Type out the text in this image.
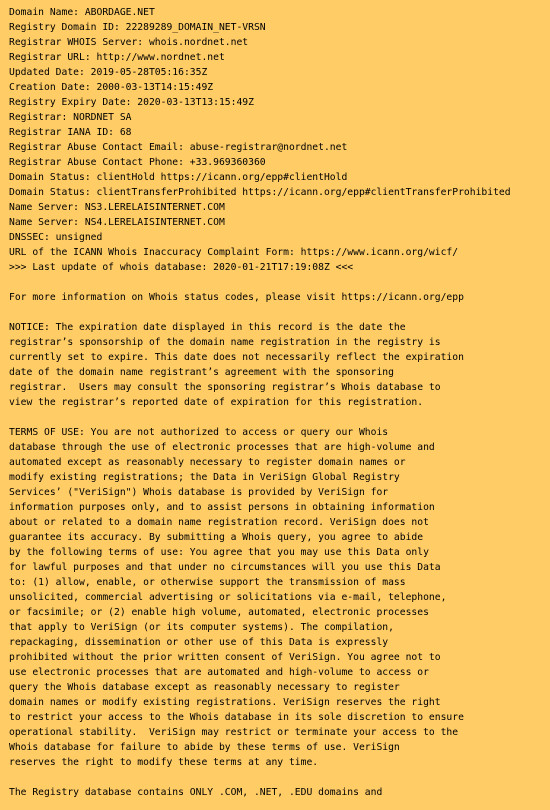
Domain Name: ABORDAGE.NET
Registry Domain ID: 22289289_DOMAIN_NET-VRSN
Registrar WHOIS Server: whois.nordnet.net
Registrar URL: http://www.nordnet.net
Updated Date: 2019-05-28T05:16:35Z
Creation Date: 2000-03-13T14:15:49Z
Registry Expiry Date: 2020-03-13T13:15:49Z
Registrar: NORDNET SA
Registrar IANA ID: 68
Registrar Abuse Contact Email: abuse-registrar@nordnet.net
Registrar Abuse Contact Phone: +33.969360360
Domain Status: clientHold https://icann.org/epp#clientHold
Domain Status: clientTransferProhibited https://icann.org/epp#clientTransferProhibited
Name Server: NS3.LERELAISINTERNET.COM
Name Server: NS4.LERELAISINTERNET.COM
DNSSEC: unsigned
URL of the ICANN Whois Inaccuracy Complaint Form: https://www.icann.org/wicf/
>>> Last update of whois database: 2020-01-21T17:19:08Z <<<
For more information on Whois status codes, please visit https://icann.org/epp
NOTICE: The expiration date displayed in this record is the date the
registrar’s sponsorship of the domain name registration in the registry is
currently set to expire. This date does not necessarily reflect the expiration
date of the domain name registrant’s agreement with the sponsoring
registrar.  Users may consult the sponsoring registrar’s Whois database to
view the registrar’s reported date of expiration for this registration.
TERMS OF USE: You are not authorized to access or query our Whois
database through the use of electronic processes that are high-volume and
automated except as reasonably necessary to register domain names or
modify existing registrations; the Data in VeriSign Global Registry
Services’ ("VeriSign") Whois database is provided by VeriSign for
information purposes only, and to assist persons in obtaining information
about or related to a domain name registration record. VeriSign does not
guarantee its accuracy. By submitting a Whois query, you agree to abide
by the following terms of use: You agree that you may use this Data only
for lawful purposes and that under no circumstances will you use this Data
to: (1) allow, enable, or otherwise support the transmission of mass
unsolicited, commercial advertising or solicitations via e-mail, telephone,
or facsimile; or (2) enable high volume, automated, electronic processes
that apply to VeriSign (or its computer systems). The compilation,
repackaging, dissemination or other use of this Data is expressly
prohibited without the prior written consent of VeriSign. You agree not to
use electronic processes that are automated and high-volume to access or
query the Whois database except as reasonably necessary to register
domain names or modify existing registrations. VeriSign reserves the right
to restrict your access to the Whois database in its sole discretion to ensure
operational stability.  VeriSign may restrict or terminate your access to the
Whois database for failure to abide by these terms of use. VeriSign
reserves the right to modify these terms at any time.
The Registry database contains ONLY .COM, .NET, .EDU domains and
